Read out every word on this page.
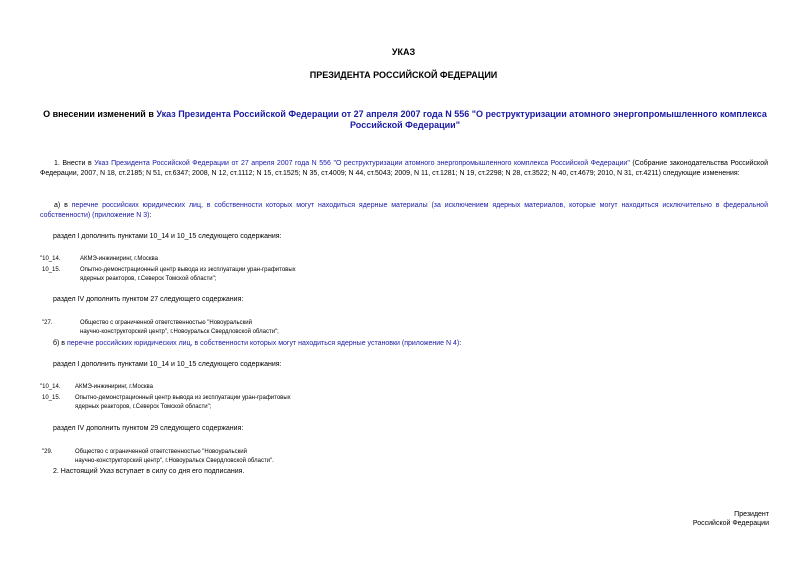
УКАЗ
ПРЕЗИДЕНТА РОССИЙСКОЙ ФЕДЕРАЦИИ
О внесении изменений в Указ Президента Российской Федерации от 27 апреля 2007 года N 556 "О реструктуризации атомного энергопромышленного комплекса Российской Федерации"
1. Внести в Указ Президента Российской Федерации от 27 апреля 2007 года N 556 "О реструктуризации атомного энергопромышленного комплекса Российской Федерации" (Собрание законодательства Российской Федерации, 2007, N 18, ст.2185; N 51, ст.6347; 2008, N 12, ст.1112; N 15, ст.1525; N 35, ст.4009; N 44, ст.5043; 2009, N 11, ст.1281; N 19, ст.2298; N 28, ст.3522; N 40, ст.4679; 2010, N 31, ст.4211) следующие изменения:
а) в перечне российских юридических лиц, в собственности которых могут находиться ядерные материалы (за исключением ядерных материалов, которые могут находиться исключительно в федеральной собственности) (приложение N 3):
раздел I дополнить пунктами 10_14 и 10_15 следующего содержания:
"10_14.	АКМЭ-инжиниринг, г.Москва
10_15.	Опытно-демонстрационный центр вывода из эксплуатации уран-графитовых
ядерных реакторов, г.Северск Томской области";
раздел IV дополнить пунктом 27 следующего содержания:
"27.	Общество с ограниченной ответственностью "Новоуральский
научно-конструкторский центр", г.Новоуральск Свердловской области";
б) в перечне российских юридических лиц, в собственности которых могут находиться ядерные установки (приложение N 4):
раздел I дополнить пунктами 10_14 и 10_15 следующего содержания:
"10_14. АКМЭ-инжиниринг, г.Москва
10_15. Опытно-демонстрационный центр вывода из эксплуатации уран-графитовых
ядерных реакторов, г.Северск Томской области";
раздел IV дополнить пунктом 29 следующего содержания:
"29.	Общество с ограниченной ответственностью "Новоуральский
научно-конструкторский центр", г.Новоуральск Свердловской области".
2. Настоящий Указ вступает в силу со дня его подписания.
Президент
Российской Федерации
